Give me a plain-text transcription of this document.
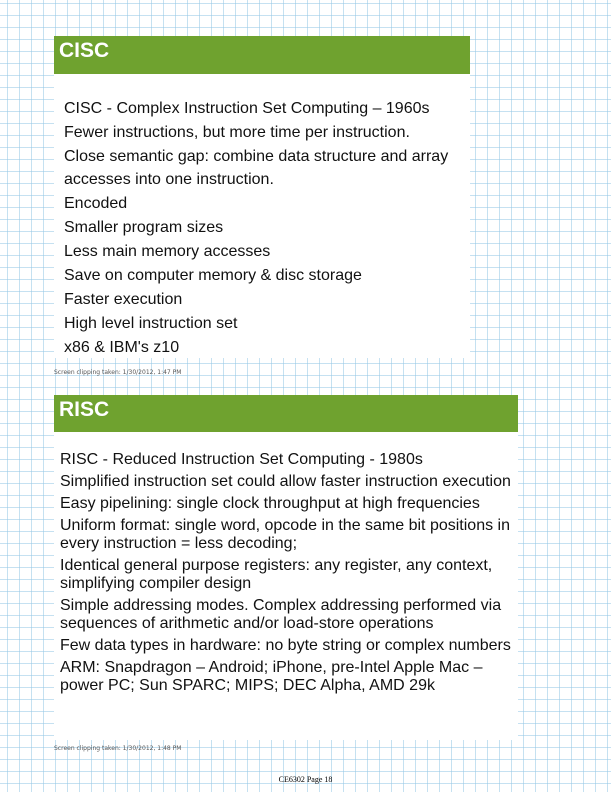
CISC
CISC - Complex Instruction Set Computing – 1960s
Fewer instructions, but more time per instruction.
Close semantic gap: combine data structure and array accesses into one instruction.
Encoded
Smaller program sizes
Less main memory accesses
Save on computer memory & disc storage
Faster execution
High level instruction set
x86 & IBM's z10
Screen clipping taken: 1/30/2012, 1:47 PM
RISC
RISC - Reduced Instruction Set Computing - 1980s
Simplified instruction set could allow faster instruction execution
Easy pipelining: single clock throughput at high frequencies
Uniform format: single word, opcode in the same bit positions in every instruction = less decoding;
Identical general purpose registers: any register, any context, simplifying compiler design
Simple addressing modes. Complex addressing performed via sequences of arithmetic and/or load-store operations
Few data types in hardware: no byte string or complex numbers
ARM: Snapdragon – Android; iPhone, pre-Intel Apple Mac – power PC; Sun SPARC; MIPS; DEC Alpha, AMD 29k
Screen clipping taken: 1/30/2012, 1:48 PM
CE6302 Page 18
